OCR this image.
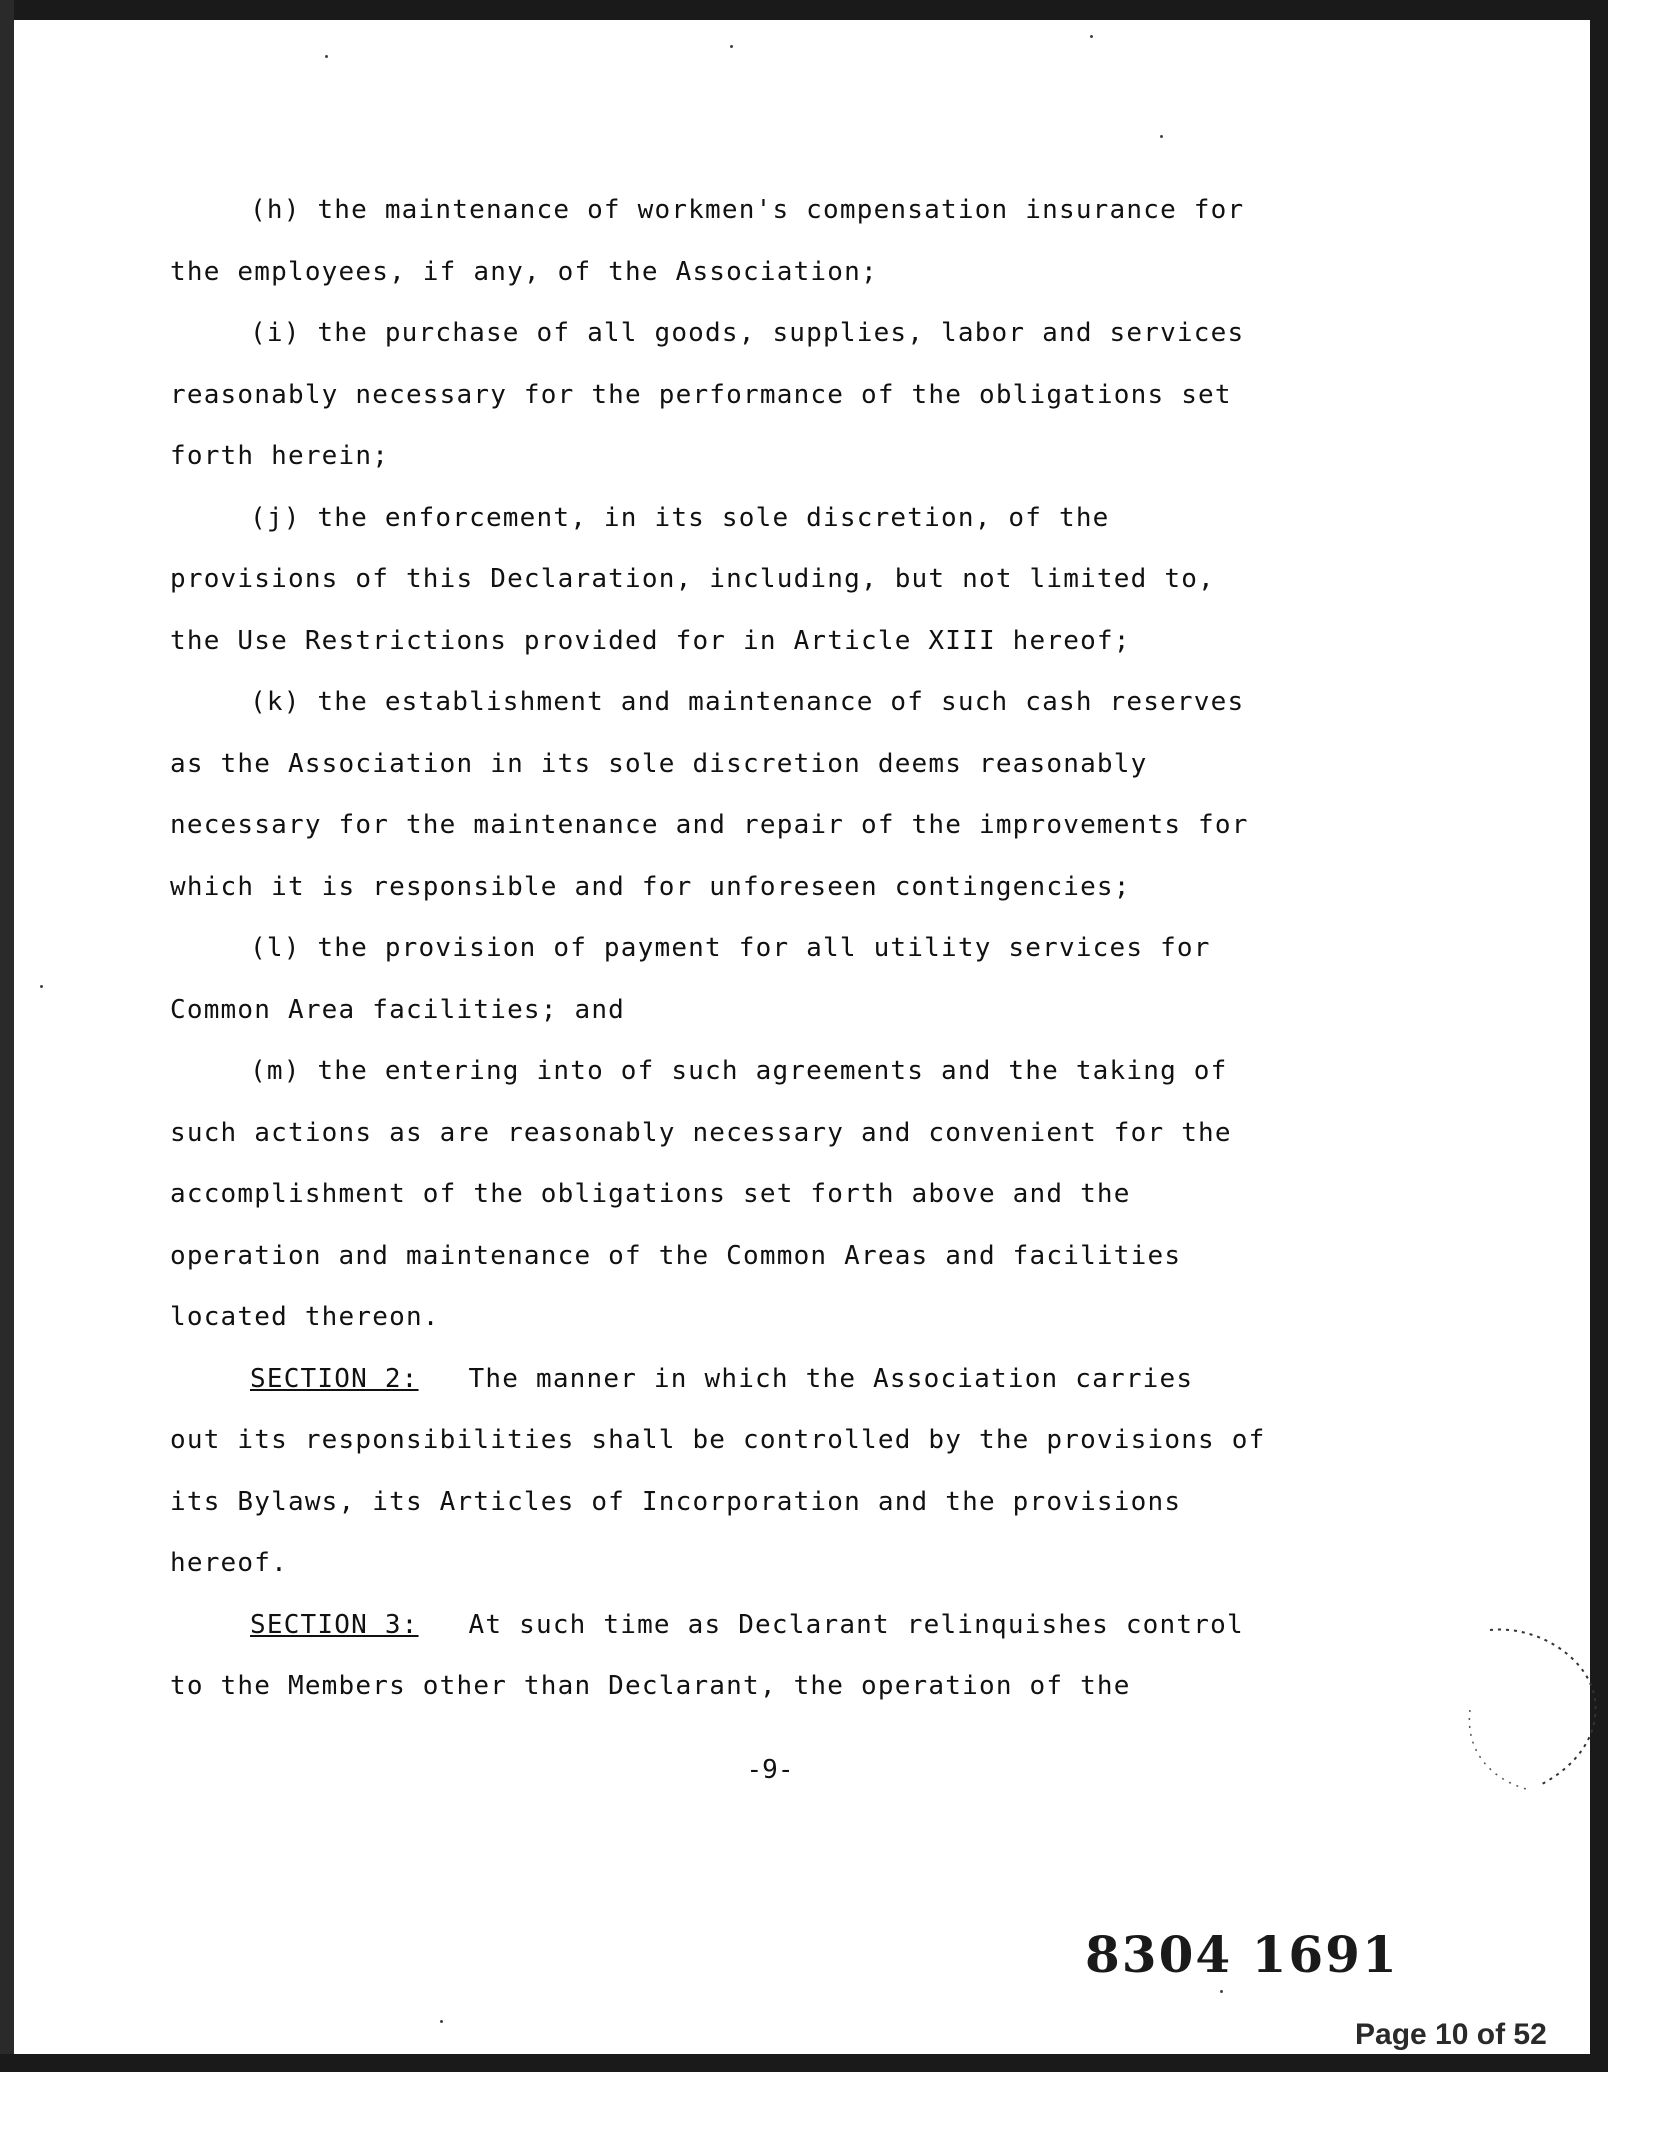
(h) the maintenance of workmen's compensation insurance for
the employees, if any, of the Association;
(i) the purchase of all goods, supplies, labor and services
reasonably necessary for the performance of the obligations set
forth herein;
(j) the enforcement, in its sole discretion, of the
provisions of this Declaration, including, but not limited to,
the Use Restrictions provided for in Article XIII hereof;
(k) the establishment and maintenance of such cash reserves
as the Association in its sole discretion deems reasonably
necessary for the maintenance and repair of the improvements for
which it is responsible and for unforeseen contingencies;
(l) the provision of payment for all utility services for
Common Area facilities; and
(m) the entering into of such agreements and the taking of
such actions as are reasonably necessary and convenient for the
accomplishment of the obligations set forth above and the
operation and maintenance of the Common Areas and facilities
located thereon.
SECTION 2: The manner in which the Association carries
out its responsibilities shall be controlled by the provisions of
its Bylaws, its Articles of Incorporation and the provisions
hereof.
SECTION 3: At such time as Declarant relinquishes control
to the Members other than Declarant, the operation of the
-9-
8304 1691
Page 10 of 52
